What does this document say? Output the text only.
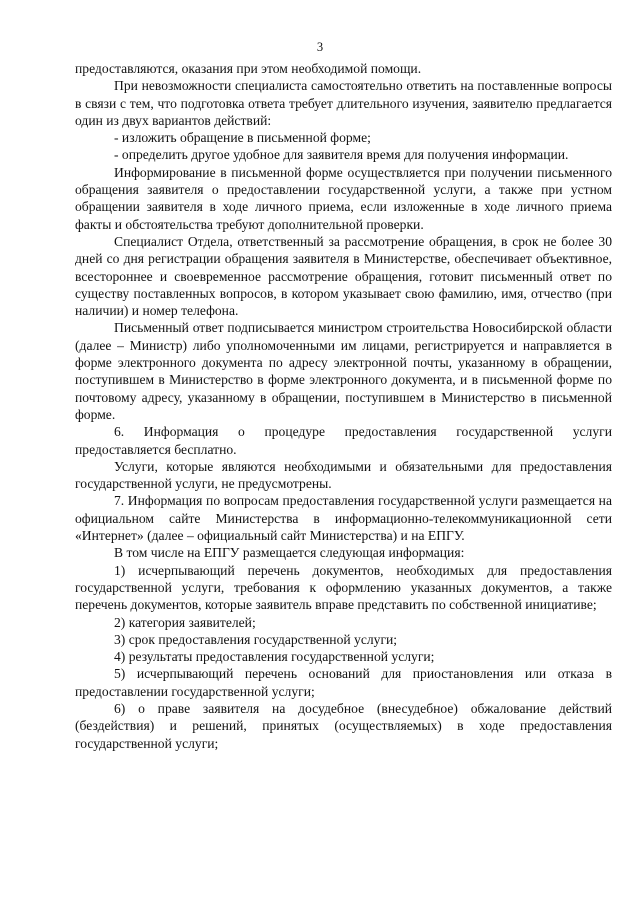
3

предоставляются, оказания при этом необходимой помощи.

При невозможности специалиста самостоятельно ответить на поставленные вопросы в связи с тем, что подготовка ответа требует длительного изучения, заявителю предлагается один из двух вариантов действий:

- изложить обращение в письменной форме;

- определить другое удобное для заявителя время для получения информации.

Информирование в письменной форме осуществляется при получении письменного обращения заявителя о предоставлении государственной услуги, а также при устном обращении заявителя в ходе личного приема, если изложенные в ходе личного приема факты и обстоятельства требуют дополнительной проверки.

Специалист Отдела, ответственный за рассмотрение обращения, в срок не более 30 дней со дня регистрации обращения заявителя в Министерстве, обеспечивает объективное, всестороннее и своевременное рассмотрение обращения, готовит письменный ответ по существу поставленных вопросов, в котором указывает свою фамилию, имя, отчество (при наличии) и номер телефона.

Письменный ответ подписывается министром строительства Новосибирской области (далее – Министр) либо уполномоченными им лицами, регистрируется и направляется в форме электронного документа по адресу электронной почты, указанному в обращении, поступившем в Министерство в форме электронного документа, и в письменной форме по почтовому адресу, указанному в обращении, поступившем в Министерство в письменной форме.

6. Информация о процедуре предоставления государственной услуги предоставляется бесплатно.

Услуги, которые являются необходимыми и обязательными для предоставления государственной услуги, не предусмотрены.

7. Информация по вопросам предоставления государственной услуги размещается на официальном сайте Министерства в информационно-телекоммуникационной сети «Интернет» (далее – официальный сайт Министерства) и на ЕПГУ.

В том числе на ЕПГУ размещается следующая информация:

1) исчерпывающий перечень документов, необходимых для предоставления государственной услуги, требования к оформлению указанных документов, а также перечень документов, которые заявитель вправе представить по собственной инициативе;

2) категория заявителей;

3) срок предоставления государственной услуги;

4) результаты предоставления государственной услуги;

5) исчерпывающий перечень оснований для приостановления или отказа в предоставлении государственной услуги;

6) о праве заявителя на досудебное (внесудебное) обжалование действий (бездействия) и решений, принятых (осуществляемых) в ходе предоставления государственной услуги;
